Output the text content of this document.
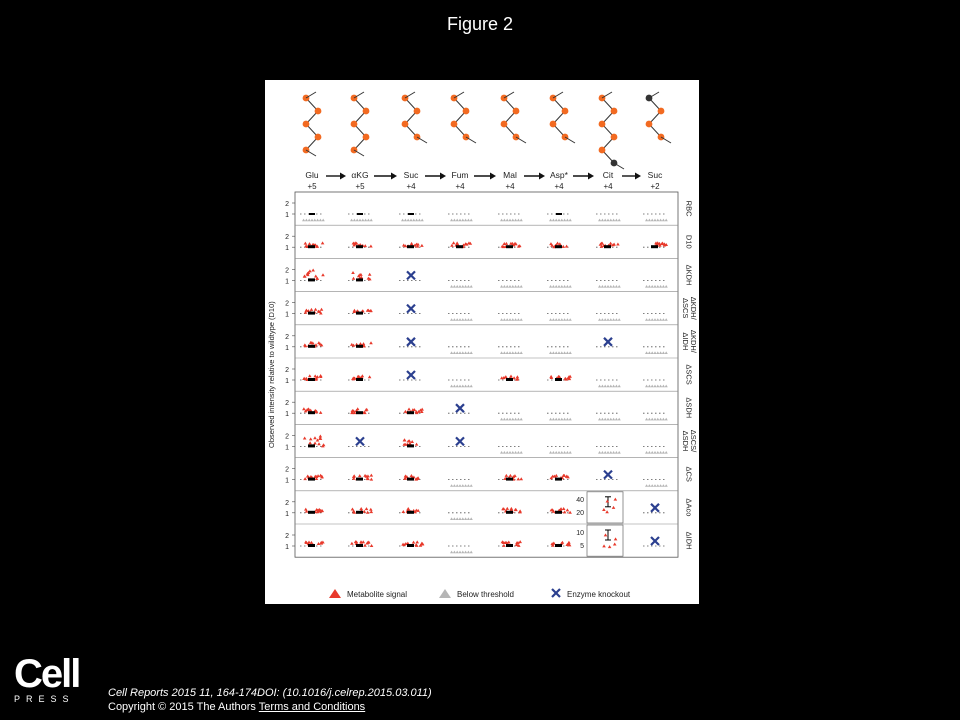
Figure 2
Glu
+5
αKG
+5
Suc
+4
Fum
+4
Mal
+4
Asp*
+4
Cit
+4
Suc
+2
Observed intensity relative to wildtype (D10)
2
1	RBC
2
1
D10
2
1	ΔKDH
2
1	ΔKDH/ΔSCS
2
1	ΔKDH/ΔIDH
2
1	ΔSCS
2
1	ΔSDH
2
1	ΔSCS/ΔSDH
2
1	ΔCS
2
1	ΔAco
2
1	ΔIDH
40
20
10
5
Metabolite signal	Below threshold	Enzyme knockout
Cell
PRESS	Cell Reports 2015 11, 164-174DOI: (10.1016/j.celrep.2015.03.011)
Copyright © 2015 The Authors Terms and Conditions
